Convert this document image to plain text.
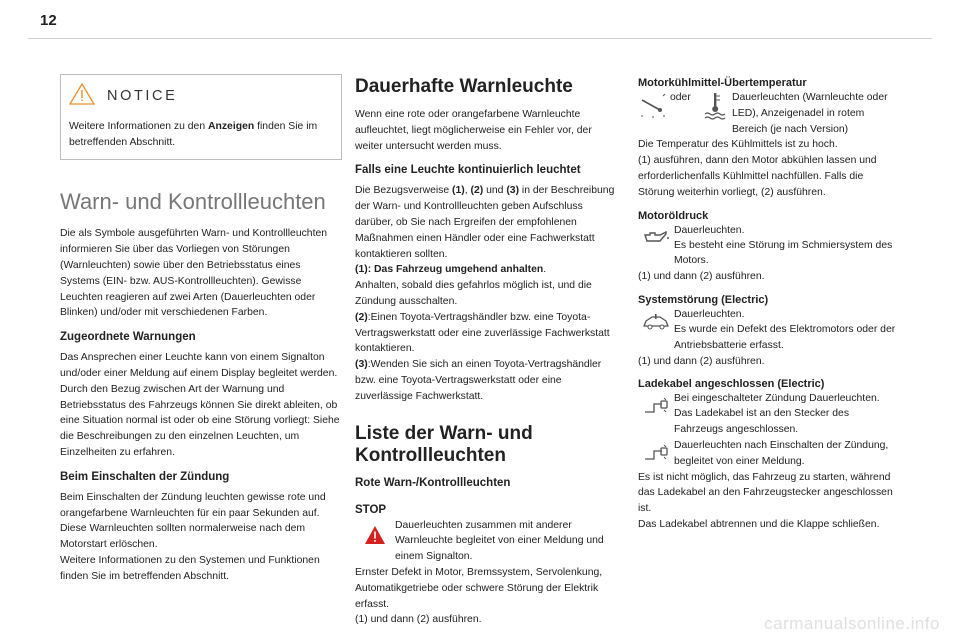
12
NOTICE

Weitere Informationen zu den Anzeigen finden Sie im betreffenden Abschnitt.

Warn- und Kontrollleuchten

Die als Symbole ausgeführten Warn- und Kontrollleuchten informieren Sie über das Vorliegen von Störungen (Warnleuchten) sowie über den Betriebsstatus eines Systems (EIN- bzw. AUS-Kontrollleuchten). Gewisse Leuchten reagieren auf zwei Arten (Dauerleuchten oder Blinken) und/oder mit verschiedenen Farben.

Zugeordnete Warnungen

Das Ansprechen einer Leuchte kann von einem Signalton und/oder einer Meldung auf einem Display begleitet werden.

Durch den Bezug zwischen Art der Warnung und Betriebsstatus des Fahrzeugs können Sie direkt ableiten, ob eine Situation normal ist oder ob eine Störung vorliegt: Siehe die Beschreibungen zu den einzelnen Leuchten, um Einzelheiten zu erfahren.

Beim Einschalten der Zündung

Beim Einschalten der Zündung leuchten gewisse rote und orangefarbene Warnleuchten für ein paar Sekunden auf. Diese Warnleuchten sollten normalerweise nach dem Motorstart erlöschen.

Weitere Informationen zu den Systemen und Funktionen finden Sie im betreffenden Abschnitt.

Dauerhafte Warnleuchte

Wenn eine rote oder orangefarbene Warnleuchte aufleuchtet, liegt möglicherweise ein Fehler vor, der weiter untersucht werden muss.

Falls eine Leuchte kontinuierlich leuchtet

Die Bezugsverweise (1), (2) und (3) in der Beschreibung der Warn- und Kontrollleuchten geben Aufschluss darüber, ob Sie nach Ergreifen der empfohlenen Maßnahmen einen Händler oder eine Fachwerkstatt kontaktieren sollten.

(1): Das Fahrzeug umgehend anhalten.

Anhalten, sobald dies gefahrlos möglich ist, und die Zündung ausschalten.

(2):Einen Toyota-Vertragshändler bzw. eine Toyota-Vertragswerkstatt oder eine zuverlässige Fachwerkstatt kontaktieren.

(3):Wenden Sie sich an einen Toyota-Vertragshändler bzw. eine Toyota-Vertragswerkstatt oder eine zuverlässige Fachwerkstatt.

Liste der Warn- und Kontrollleuchten
Rote Warn-/Kontrollleuchten
STOP

Dauerleuchten zusammen mit anderer Warnleuchte begleitet von einer Meldung und einem Signalton.

Ernster Defekt in Motor, Bremssystem, Servolenkung, Automatikgetriebe oder schwere Störung der Elektrik erfasst.

(1) und dann (2) ausführen.

Motorkühlmittel-Übertemperatur
oder	Dauerleuchten (Warnleuchte oder LED), Anzeigenadel in rotem Bereich (je nach Version)

Die Temperatur des Kühlmittels ist zu hoch.

(1) ausführen, dann den Motor abkühlen lassen und erforderlichenfalls Kühlmittel nachfüllen. Falls die Störung weiterhin vorliegt, (2) ausführen.

Motoröldruck

Dauerleuchten.

Es besteht eine Störung im Schmiersystem des Motors.

(1) und dann (2) ausführen.

Systemstörung (Electric)

Dauerleuchten.

Es wurde ein Defekt des Elektromotors oder der Antriebsbatterie erfasst.

(1) und dann (2) ausführen.

Ladekabel angeschlossen (Electric)

Bei eingeschalteter Zündung Dauerleuchten.

Das Ladekabel ist an den Stecker des Fahrzeugs angeschlossen.

Dauerleuchten nach Einschalten der Zündung, begleitet von einer Meldung.

Es ist nicht möglich, das Fahrzeug zu starten, während das Ladekabel an den Fahrzeugstecker angeschlossen ist.

Das Ladekabel abtrennen und die Klappe schließen.

carmanualsonline.info
